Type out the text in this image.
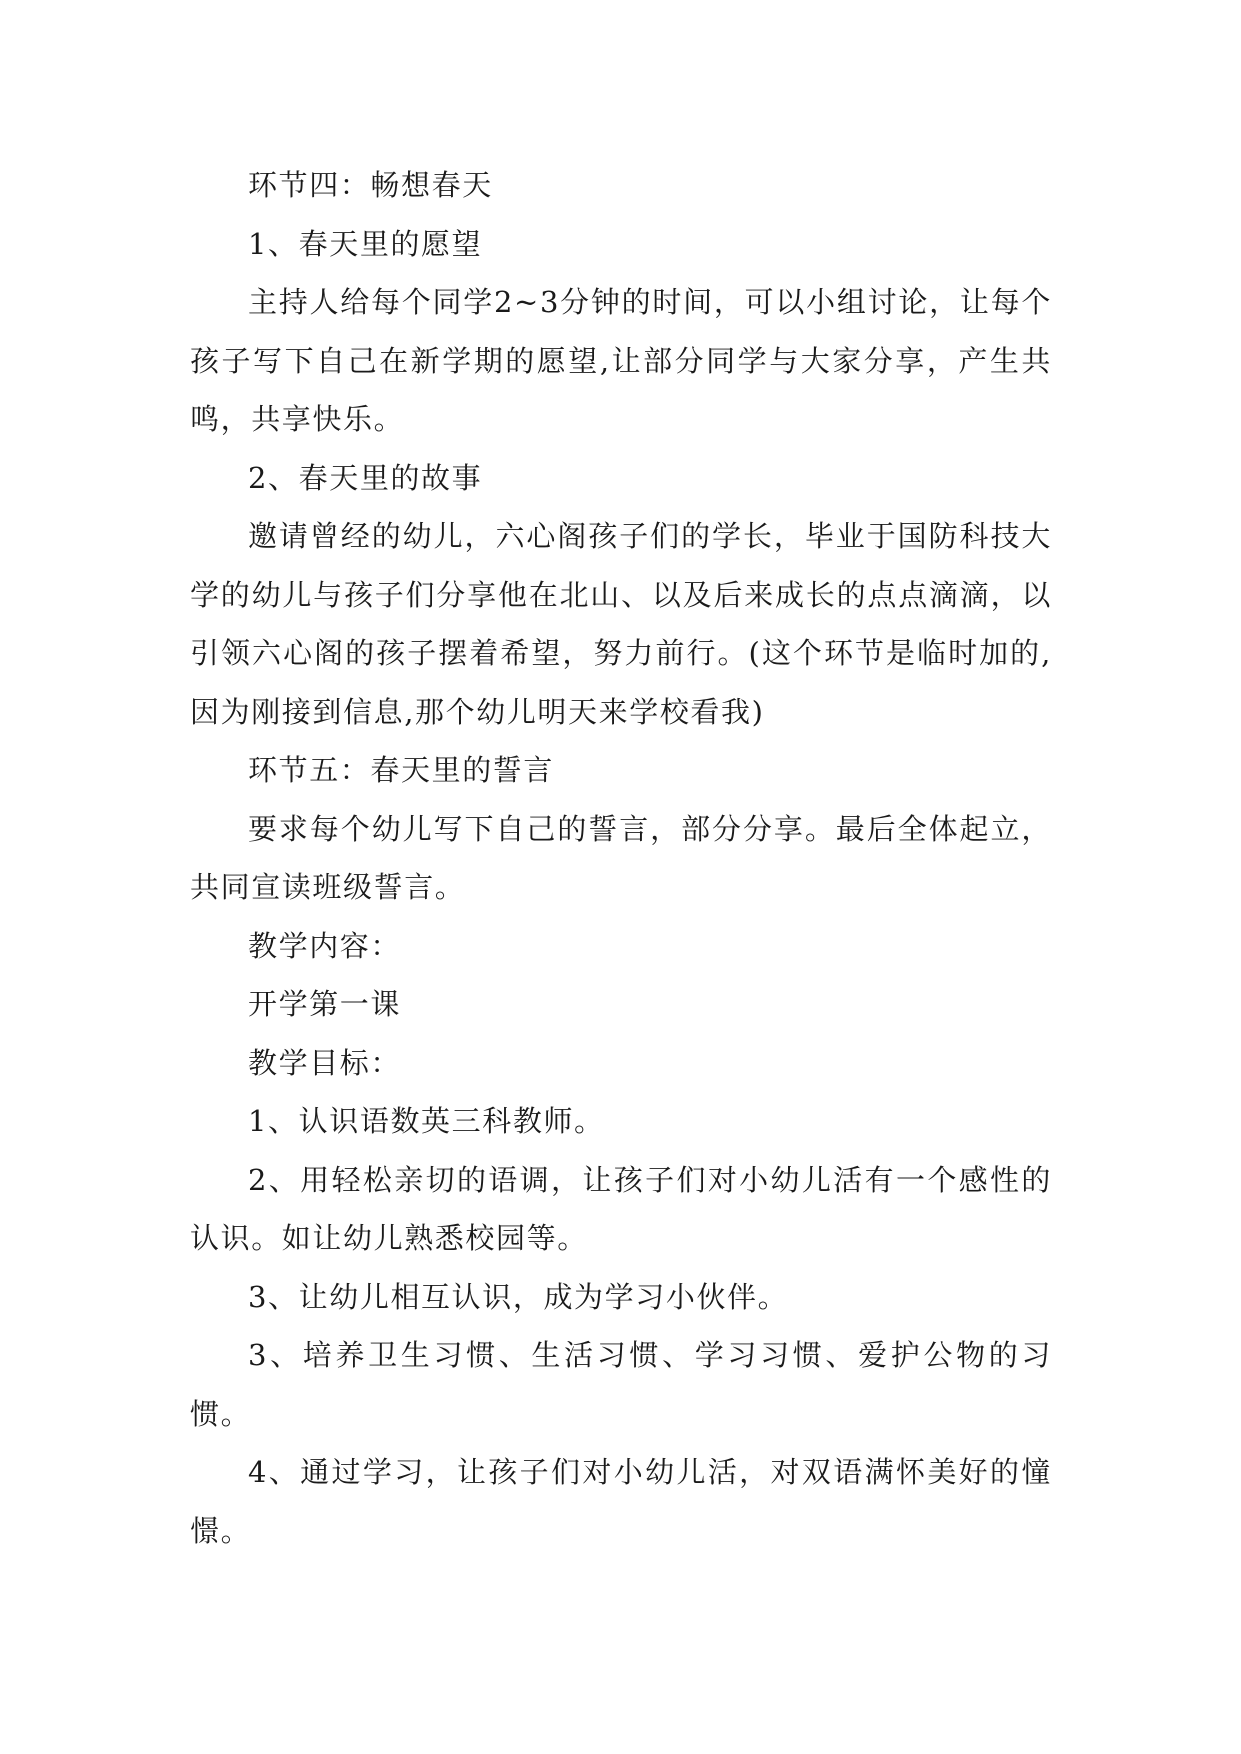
环节四：畅想春天

1、春天里的愿望

主持人给每个同学2~3分钟的时间，可以小组讨论，让每个孩子写下自己在新学期的愿望,让部分同学与大家分享，产生共鸣，共享快乐。

2、春天里的故事

邀请曾经的幼儿，六心阁孩子们的学长，毕业于国防科技大学的幼儿与孩子们分享他在北山、以及后来成长的点点滴滴，以引领六心阁的孩子摆着希望，努力前行。(这个环节是临时加的,因为刚接到信息,那个幼儿明天来学校看我)

环节五：春天里的誓言

要求每个幼儿写下自己的誓言，部分分享。最后全体起立，共同宣读班级誓言。

教学内容：

开学第一课

教学目标：

1、认识语数英三科教师。

2、用轻松亲切的语调，让孩子们对小幼儿活有一个感性的认识。如让幼儿熟悉校园等。

3、让幼儿相互认识，成为学习小伙伴。

3、培养卫生习惯、生活习惯、学习习惯、爱护公物的习惯。

4、通过学习，让孩子们对小幼儿活，对双语满怀美好的憧憬。
